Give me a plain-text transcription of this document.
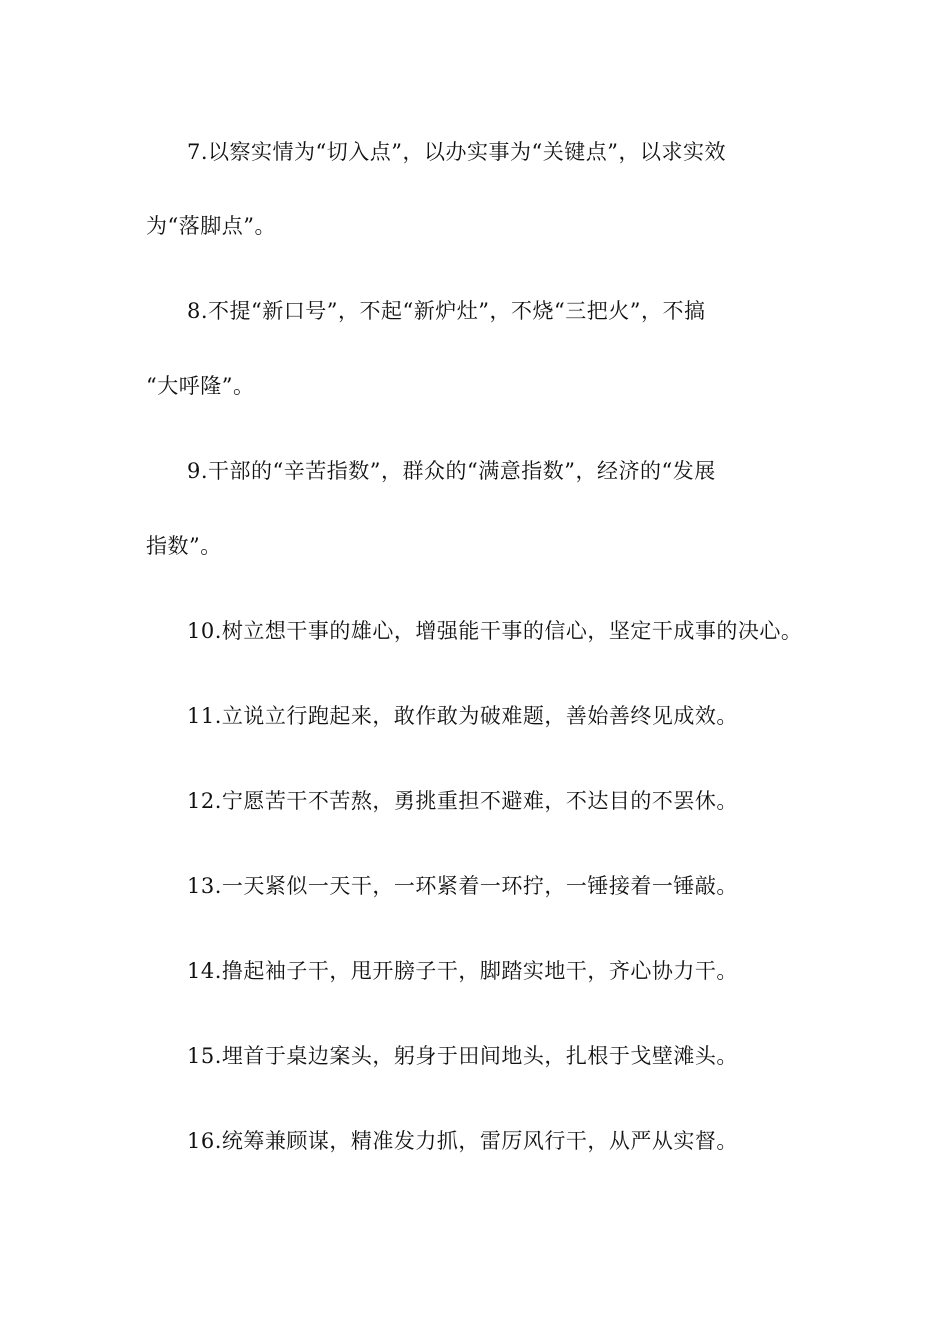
7.以察实情为“切入点”，以办实事为“关键点”，以求实效
为“落脚点”。
8.不提“新口号”，不起“新炉灶”，不烧“三把火”，不搞
“大呼隆”。
9.干部的“辛苦指数”，群众的“满意指数”，经济的“发展
指数”。
10.树立想干事的雄心，增强能干事的信心，坚定干成事的决心。
11.立说立行跑起来，敢作敢为破难题，善始善终见成效。
12.宁愿苦干不苦熬，勇挑重担不避难，不达目的不罢休。
13.一天紧似一天干，一环紧着一环拧，一锤接着一锤敲。
14.撸起袖子干，甩开膀子干，脚踏实地干，齐心协力干。
15.埋首于桌边案头，躬身于田间地头，扎根于戈壁滩头。
16.统筹兼顾谋，精准发力抓，雷厉风行干，从严从实督。
